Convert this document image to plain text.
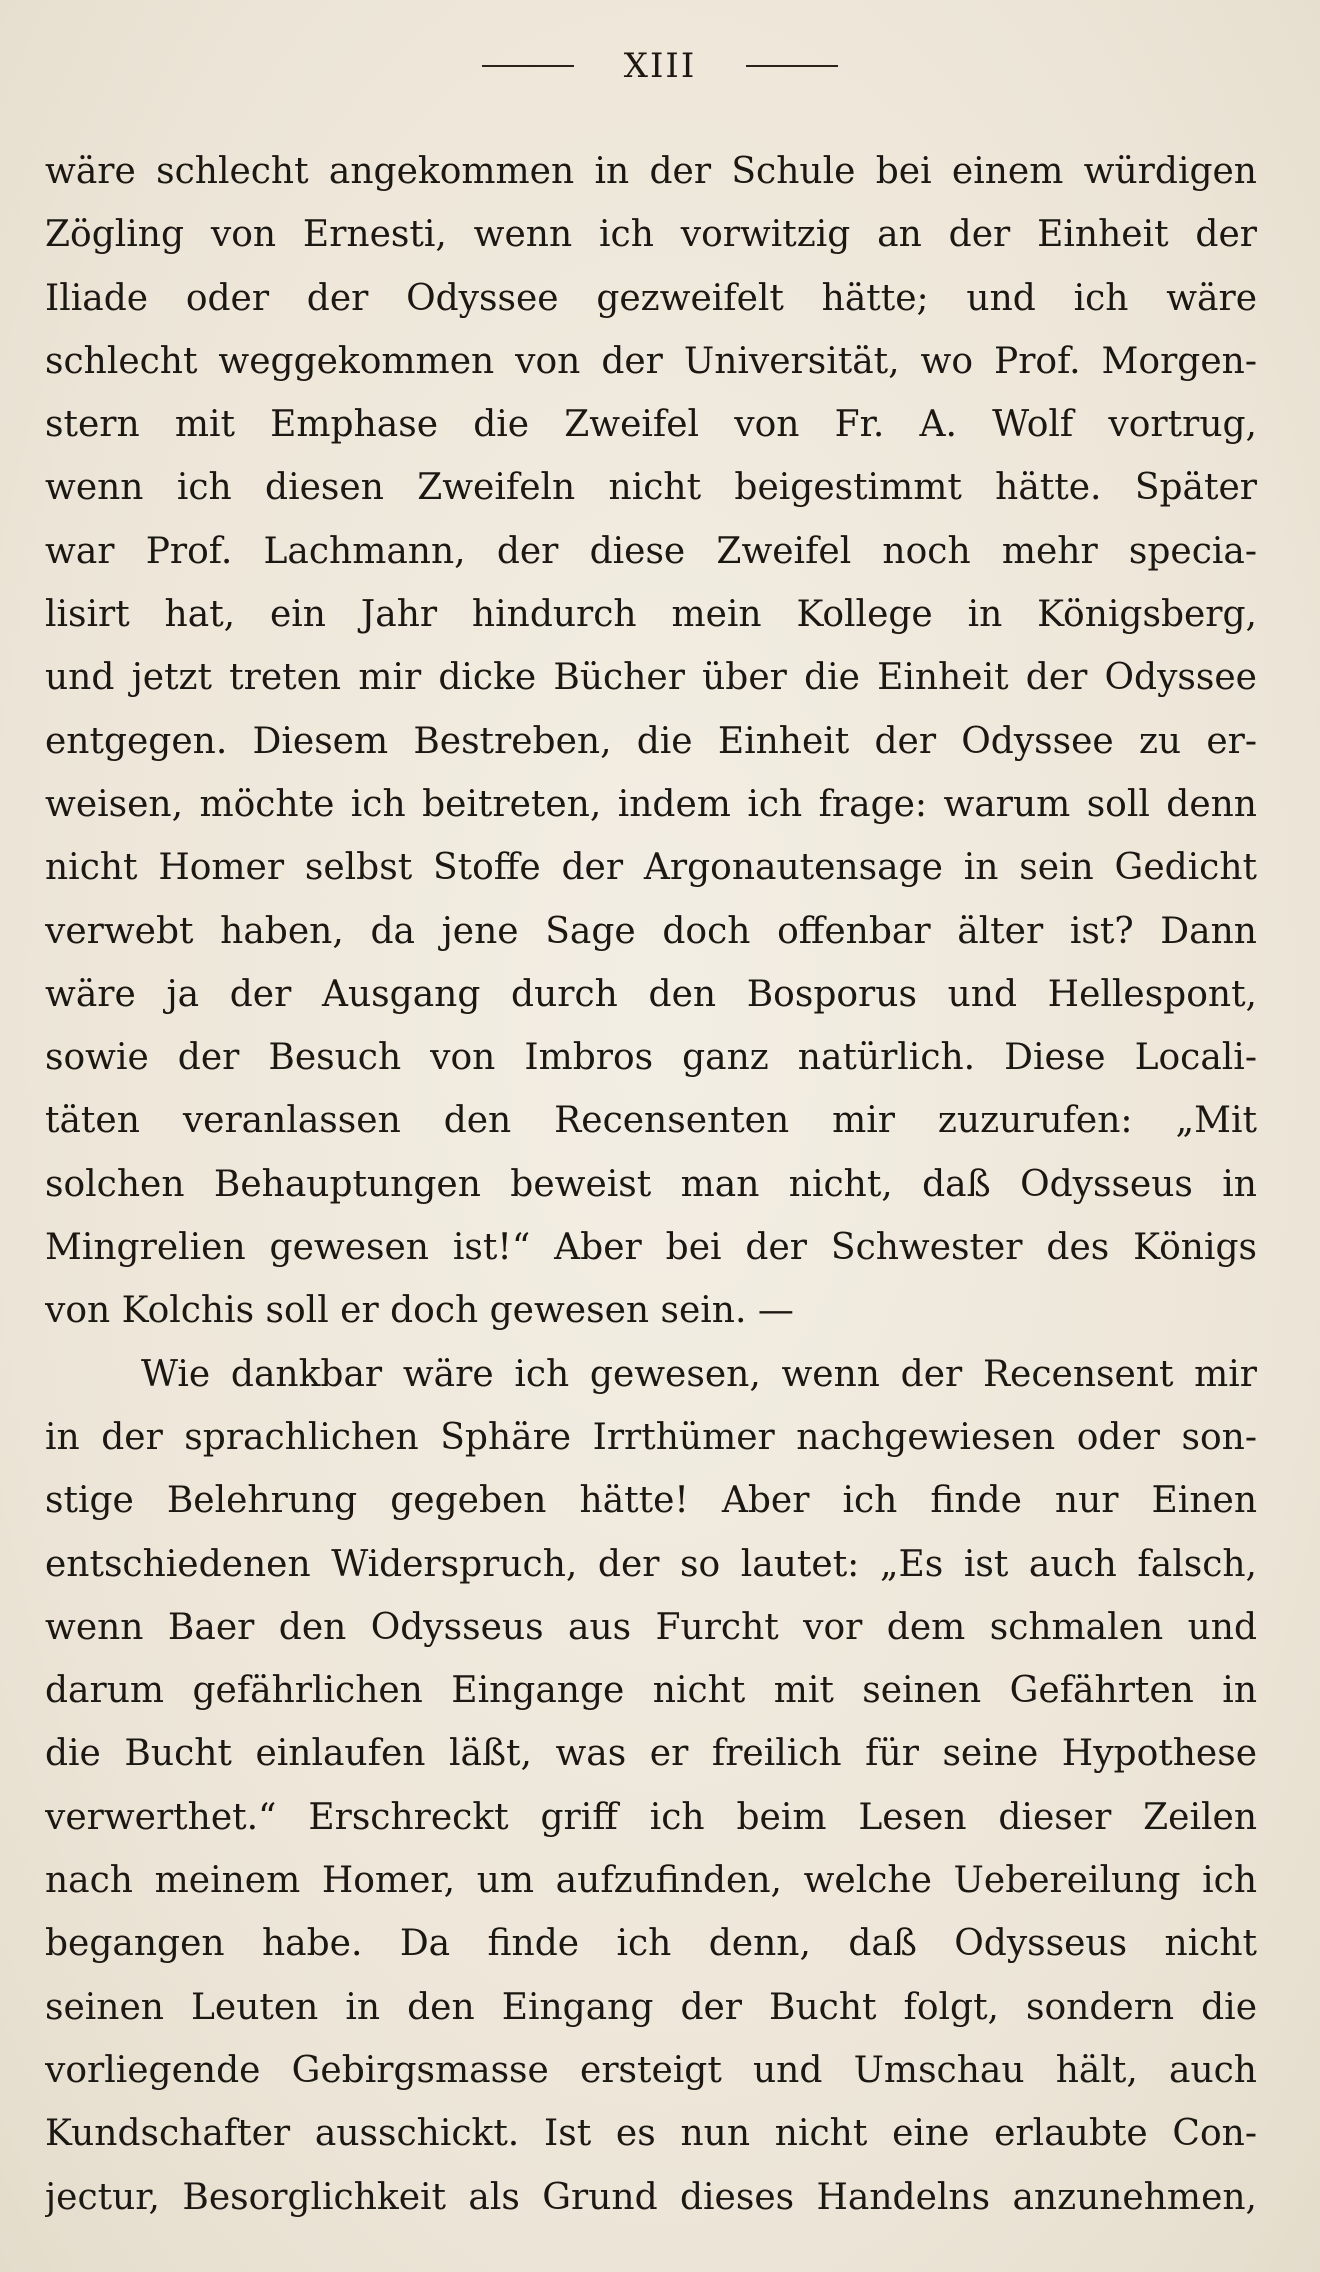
XIII
wäre schlecht angekommen in der Schule bei einem würdigen
Zögling von Ernesti, wenn ich vorwitzig an der Einheit der
Iliade oder der Odyssee gezweifelt hätte; und ich wäre
schlecht weggekommen von der Universität, wo Prof. Morgen-
stern mit Emphase die Zweifel von Fr. A. Wolf vortrug,
wenn ich diesen Zweifeln nicht beigestimmt hätte. Später
war Prof. Lachmann, der diese Zweifel noch mehr specia-
lisirt hat, ein Jahr hindurch mein Kollege in Königsberg,
und jetzt treten mir dicke Bücher über die Einheit der Odyssee
entgegen. Diesem Bestreben, die Einheit der Odyssee zu er-
weisen, möchte ich beitreten, indem ich frage: warum soll denn
nicht Homer selbst Stoffe der Argonautensage in sein Gedicht
verwebt haben, da jene Sage doch offenbar älter ist? Dann
wäre ja der Ausgang durch den Bosporus und Hellespont,
sowie der Besuch von Imbros ganz natürlich. Diese Locali-
täten veranlassen den Recensenten mir zuzurufen: „Mit
solchen Behauptungen beweist man nicht, daß Odysseus in
Mingrelien gewesen ist!“ Aber bei der Schwester des Königs
von Kolchis soll er doch gewesen sein. —
Wie dankbar wäre ich gewesen, wenn der Recensent mir
in der sprachlichen Sphäre Irrthümer nachgewiesen oder son-
stige Belehrung gegeben hätte! Aber ich finde nur Einen
entschiedenen Widerspruch, der so lautet: „Es ist auch falsch,
wenn Baer den Odysseus aus Furcht vor dem schmalen und
darum gefährlichen Eingange nicht mit seinen Gefährten in
die Bucht einlaufen läßt, was er freilich für seine Hypothese
verwerthet.“ Erschreckt griff ich beim Lesen dieser Zeilen
nach meinem Homer, um aufzufinden, welche Uebereilung ich
begangen habe. Da finde ich denn, daß Odysseus nicht
seinen Leuten in den Eingang der Bucht folgt, sondern die
vorliegende Gebirgsmasse ersteigt und Umschau hält, auch
Kundschafter ausschickt. Ist es nun nicht eine erlaubte Con-
jectur, Besorglichkeit als Grund dieses Handelns anzunehmen,
